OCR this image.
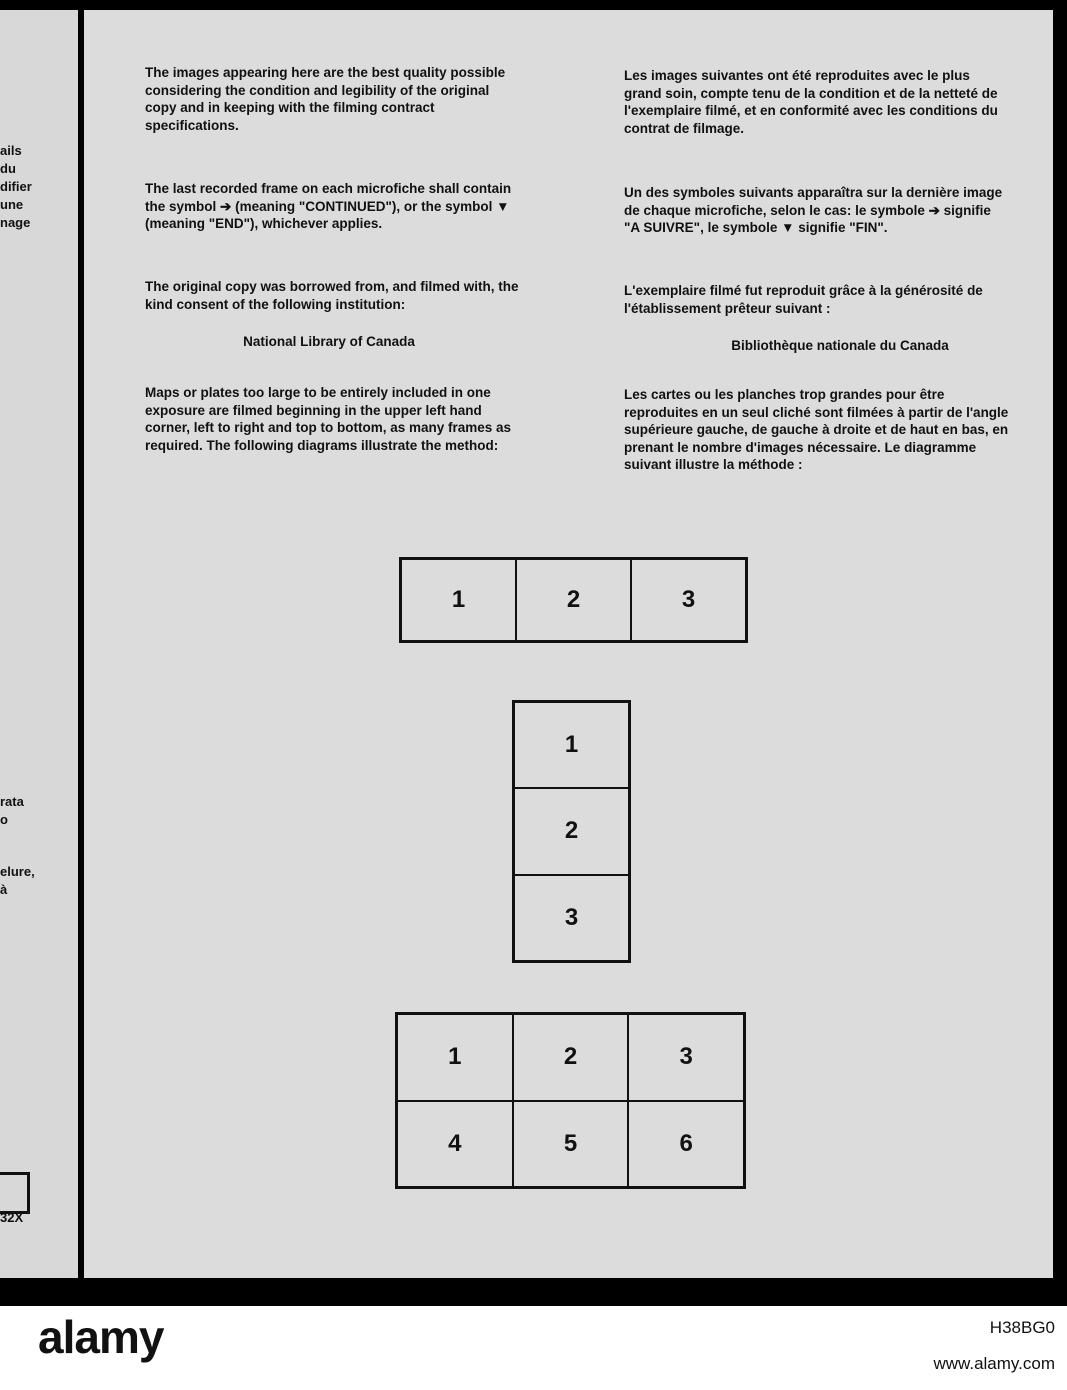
ails
du
difier
une
nage
rata
o
elure,
à
32X
The images appearing here are the best quality possible considering the condition and legibility of the original copy and in keeping with the filming contract specifications.
The last recorded frame on each microfiche shall contain the symbol ➔ (meaning "CONTINUED"), or the symbol ▼ (meaning "END"), whichever applies.
The original copy was borrowed from, and filmed with, the kind consent of the following institution:
National Library of Canada
Maps or plates too large to be entirely included in one exposure are filmed beginning in the upper left hand corner, left to right and top to bottom, as many frames as required. The following diagrams illustrate the method:
Les images suivantes ont été reproduites avec le plus grand soin, compte tenu de la condition et de la netteté de l'exemplaire filmé, et en conformité avec les conditions du contrat de filmage.
Un des symboles suivants apparaîtra sur la dernière image de chaque microfiche, selon le cas: le symbole ➔ signifie "A SUIVRE", le symbole ▼ signifie "FIN".
L'exemplaire filmé fut reproduit grâce à la générosité de l'établissement prêteur suivant :
Bibliothèque nationale du Canada
Les cartes ou les planches trop grandes pour être reproduites en un seul cliché sont filmées à partir de l'angle supérieure gauche, de gauche à droite et de haut en bas, en prenant le nombre d'images nécessaire. Le diagramme suivant illustre la méthode :
1	2	3
1
2
3
1	2	3
4	5	6
alamy	H38BG0
www.alamy.com
